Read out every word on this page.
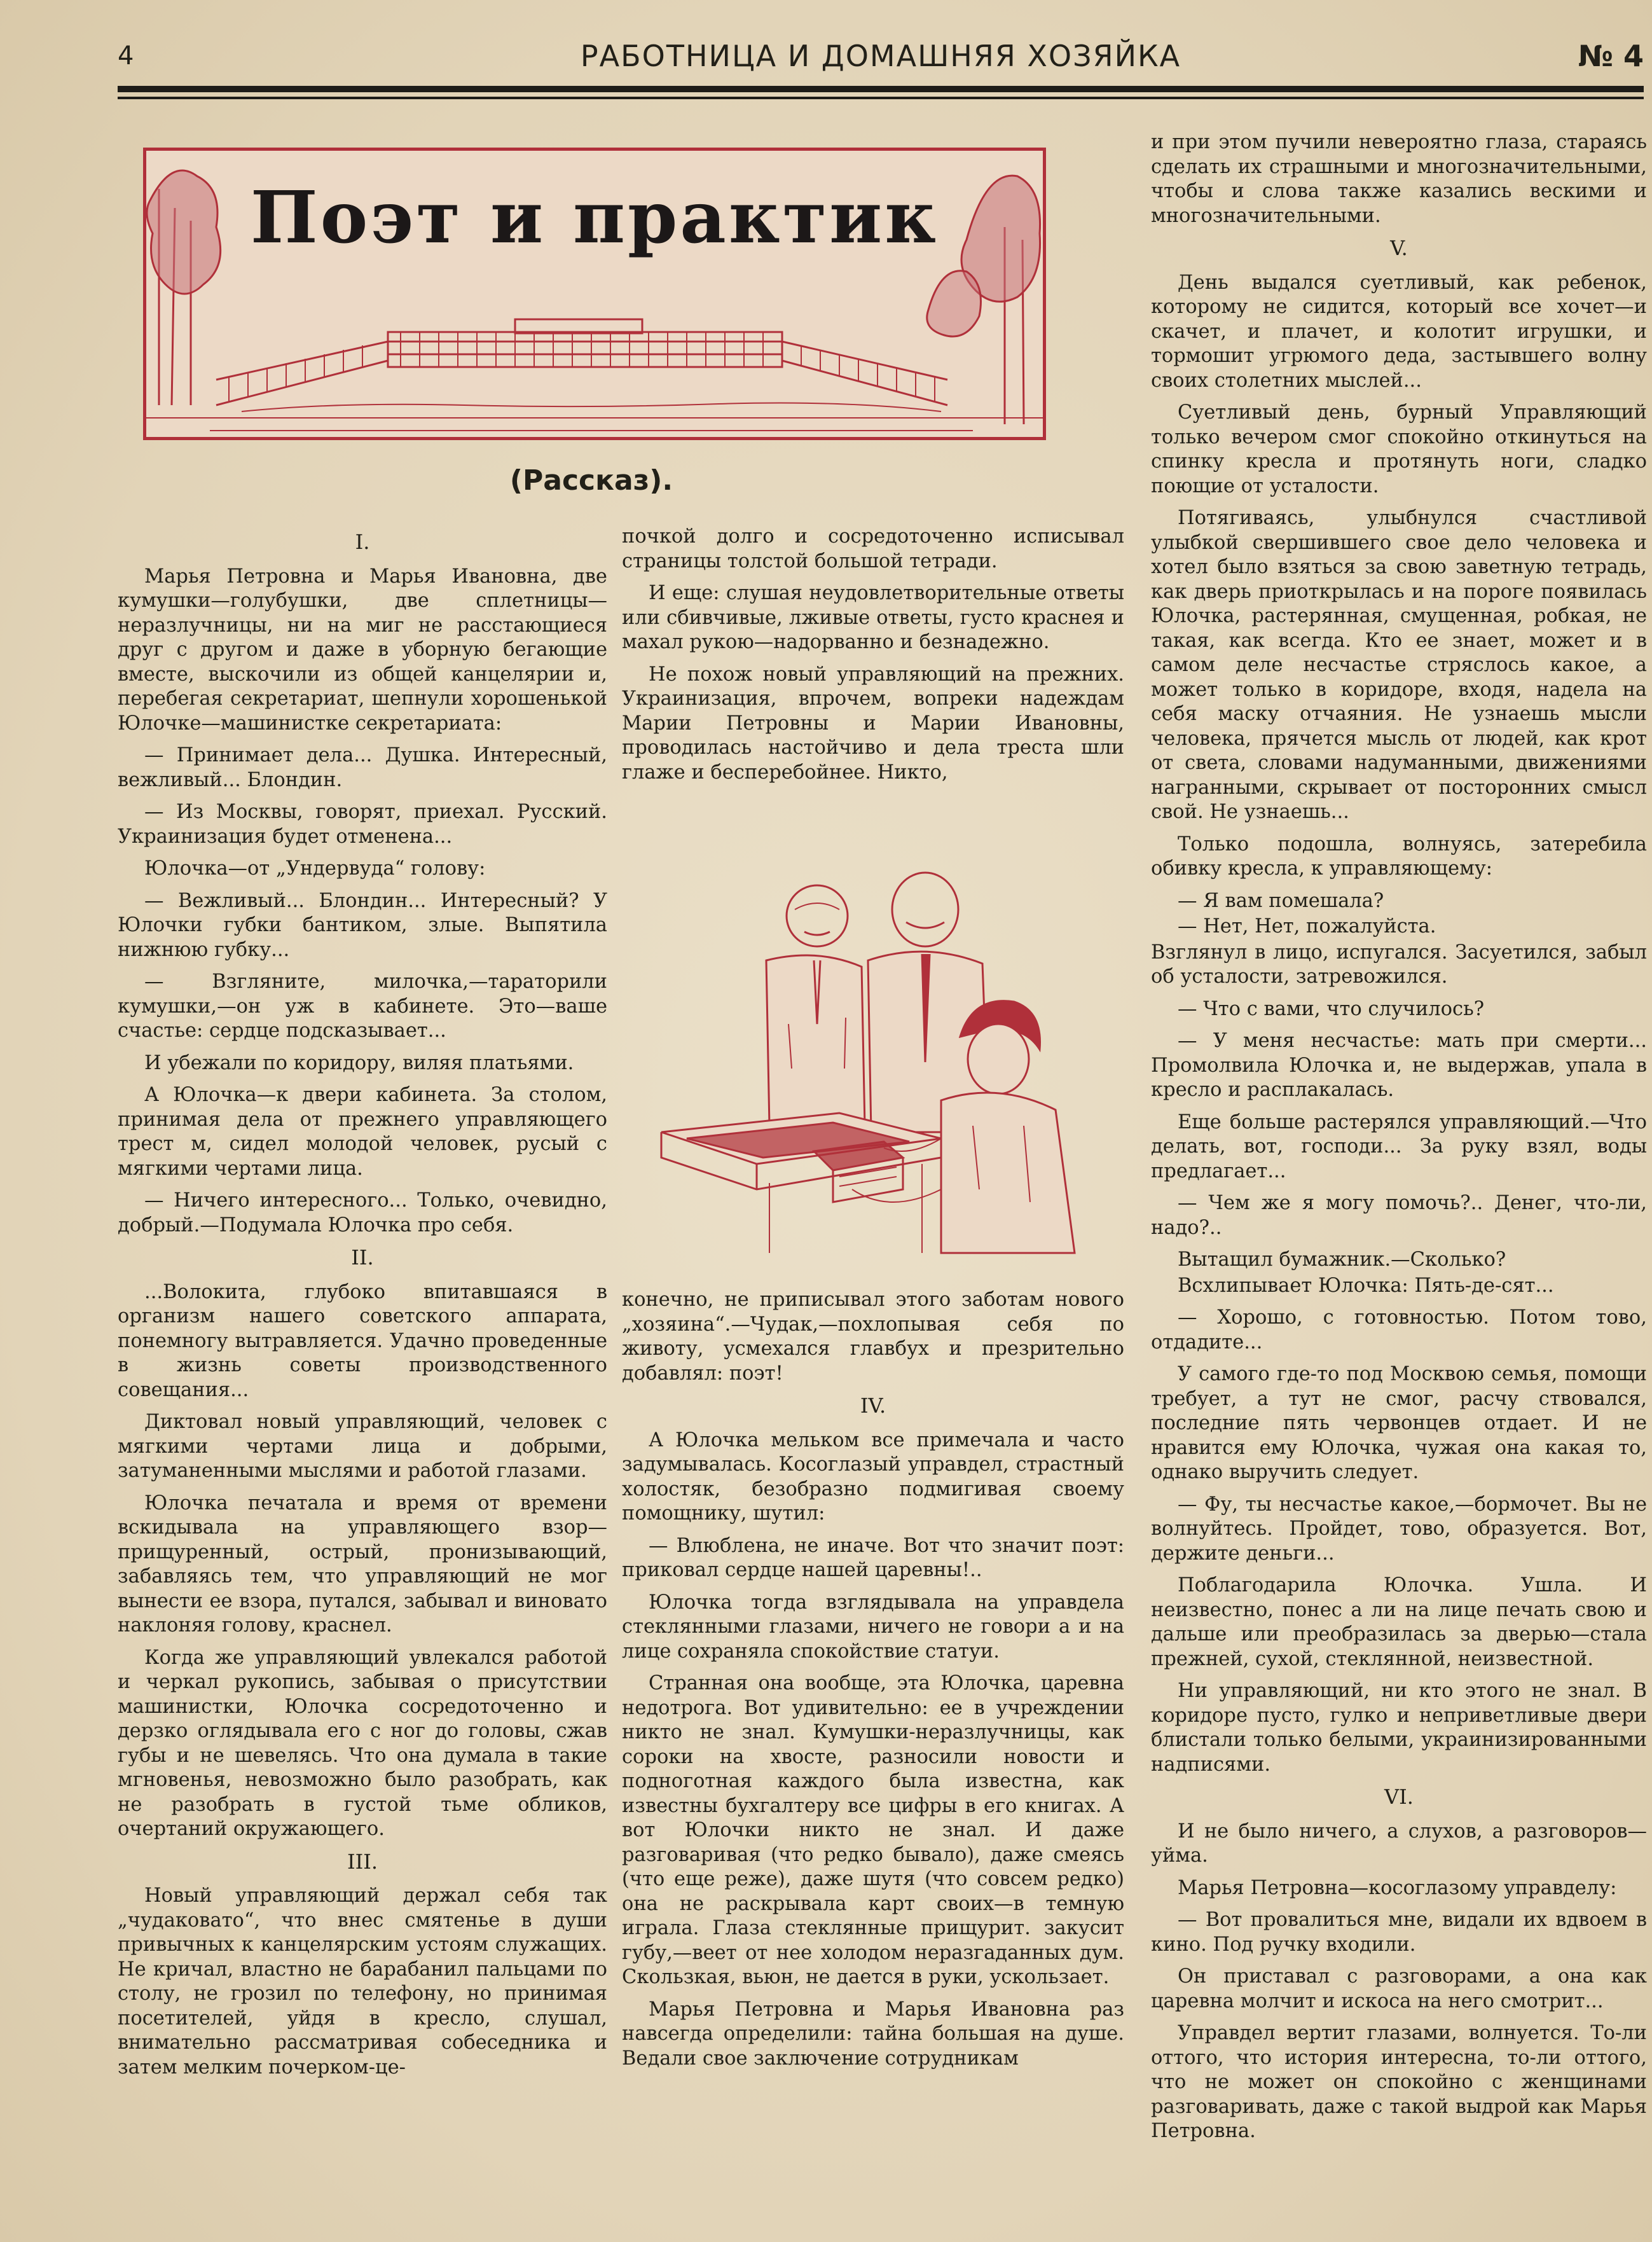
4	РАБОТНИЦА И ДОМАШНЯЯ ХОЗЯЙКА	№ 4
Поэт и практик
(Рассказ).

I.

Марья Петровна и Марья Ивановна, две кумушки—голубушки, две сплетницы—неразлучницы, ни на миг не расстающиеся друг с другом и даже в уборную бегающие вместе, выскочили из общей канцелярии и, перебегая секретариат, шепнули хорошенькой Юлочке—машинистке секретариата:

— Принимает дела... Душка. Интересный, вежливый... Блондин.

— Из Москвы, говорят, приехал. Русский. Украинизация будет отменена...

Юлочка—от „Ундервуда“ голову:

— Вежливый... Блондин... Интересный? У Юлочки губки бантиком, злые. Выпятила нижнюю губку...

— Взгляните, милочка,—тараторили кумушки,—он уж в кабинете. Это—ваше счастье: сердце подсказывает...

И убежали по коридору, виляя платьями.

А Юлочка—к двери кабинета. За столом, принимая дела от прежнего управляющего трест м, сидел молодой человек, русый с мягкими чертами лица.

— Ничего интересного... Только, очевидно, добрый.—Подумала Юлочка про себя.

II.

...Волокита, глубоко впитавшаяся в организм нашего советского аппарата, понемногу вытравляется. Удачно проведенные в жизнь советы производственного совещания...

Диктовал новый управляющий, человек с мягкими чертами лица и добрыми, затуманенными мыслями и работой глазами.

Юлочка печатала и время от времени вскидывала на управляющего взор—прищуренный, острый, пронизывающий, забавляясь тем, что управляющий не мог вынести ее взора, путался, забывал и виновато наклоняя голову, краснел.

Когда же управляющий увлекался работой и черкал рукопись, забывая о присутствии машинистки, Юлочка сосредоточенно и дерзко оглядывала его с ног до головы, сжав губы и не шевелясь. Что она думала в такие мгновенья, невозможно было разобрать, как не разобрать в густой тьме обликов, очертаний окружающего.

III.

Новый управляющий держал себя так „чудаковато“, что внес смятенье в души привычных к канцелярским устоям служащих. Не кричал, властно не барабанил пальцами по столу, не грозил по телефону, но принимая посетителей, уйдя в кресло, слушал, внимательно рассматривая собеседника и затем мелким почерком-це-

почкой долго и сосредоточенно исписывал страницы толстой большой тетради.

И еще: слушая неудовлетворительные ответы или сбивчивые, лживые ответы, густо краснея и махал рукою—надорванно и безнадежно.

Не похож новый управляющий на прежних. Украинизация, впрочем, вопреки надеждам Марии Петровны и Марии Ивановны, проводилась настойчиво и дела треста шли глаже и бесперебойнее. Никто,

конечно, не приписывал этого заботам нового „хозяина“.—Чудак,—похлопывая себя по животу, усмехался главбух и презрительно добавлял: поэт!

IV.

А Юлочка мельком все примечала и часто задумывалась. Косоглазый управдел, страстный холостяк, безобразно подмигивая своему помощнику, шутил:

— Влюблена, не иначе. Вот что значит поэт: приковал сердце нашей царевны!..

Юлочка тогда взглядывала на управдела стеклянными глазами, ничего не говори а и на лице сохраняла спокойствие статуи.

Странная она вообще, эта Юлочка, царевна недотрога. Вот удивительно: ее в учреждении никто не знал. Кумушки-неразлучницы, как сороки на хвосте, разносили новости и подноготная каждого была известна, как известны бухгалтеру все цифры в его книгах. А вот Юлочки никто не знал. И даже разговаривая (что редко бывало), даже смеясь (что еще реже), даже шутя (что совсем редко) она не раскрывала карт своих—в темную играла. Глаза стеклянные прищурит. закусит губу,—веет от нее холодом неразгаданных дум. Скользкая, вьюн, не дается в руки, ускользает.

Марья Петровна и Марья Ивановна раз навсегда определили: тайна большая на душе. Ведали свое заключение сотрудникам

и при этом пучили невероятно глаза, стараясь сделать их страшными и многозначительными, чтобы и слова также казались вескими и многозначительными.

V.

День выдался суетливый, как ребенок, которому не сидится, который все хочет—и скачет, и плачет, и колотит игрушки, и тормошит угрюмого деда, застывшего волну своих столетних мыслей...

Суетливый день, бурный Управляющий только вечером смог спокойно откинуться на спинку кресла и протянуть ноги, сладко поющие от усталости.

Потягиваясь, улыбнулся счастливой улыбкой свершившего свое дело человека и хотел было взяться за свою заветную тетрадь, как дверь приоткрылась и на пороге появилась Юлочка, растерянная, смущенная, робкая, не такая, как всегда. Кто ее знает, может и в самом деле несчастье стряслось какое, а может только в коридоре, входя, надела на себя маску отчаяния. Не узнаешь мысли человека, прячется мысль от людей, как крот от света, словами надуманными, движениями награнными, скрывает от посторонних смысл свой. Не узнаешь...

Только подошла, волнуясь, затеребила обивку кресла, к управляющему:

— Я вам помешала?

— Нет, Нет, пожалуйста.

Взглянул в лицо, испугался. Засуетился, забыл об усталости, затревожился.

— Что с вами, что случилось?

— У меня несчастье: мать при смерти... Промолвила Юлочка и, не выдержав, упала в кресло и расплакалась.

Еще больше растерялся управляющий.—Что делать, вот, господи... За руку взял, воды предлагает...

— Чем же я могу помочь?.. Денег, что-ли, надо?..

Вытащил бумажник.—Сколько?

Всхлипывает Юлочка: Пять-де-сят...

— Хорошо, с готовностью. Потом тово, отдадите...

У самого где-то под Москвою семья, помощи требует, а тут не смог, расчу ствовался, последние пять червонцев отдает. И не нравится ему Юлочка, чужая она какая то, однако выручить следует.

— Фу, ты несчастье какое,—бормочет. Вы не волнуйтесь. Пройдет, тово, образуется. Вот, держите деньги...

Поблагодарила Юлочка. Ушла. И неизвестно, понес а ли на лице печать свою и дальше или преобразилась за дверью—стала прежней, сухой, стеклянной, неизвестной.

Ни управляющий, ни кто этого не знал. В коридоре пусто, гулко и неприветливые двери блистали только белыми, украинизированными надписями.

VI.

И не было ничего, а слухов, а разговоров—уйма.

Марья Петровна—косоглазому управделу:

— Вот провалиться мне, видали их вдвоем в кино. Под ручку входили.

Он приставал с разговорами, а она как царевна молчит и искоса на него смотрит...

Управдел вертит глазами, волнуется. То-ли оттого, что история интересна, то-ли оттого, что не может он спокойно с женщинами разговаривать, даже с такой выдрой как Марья Петровна.
